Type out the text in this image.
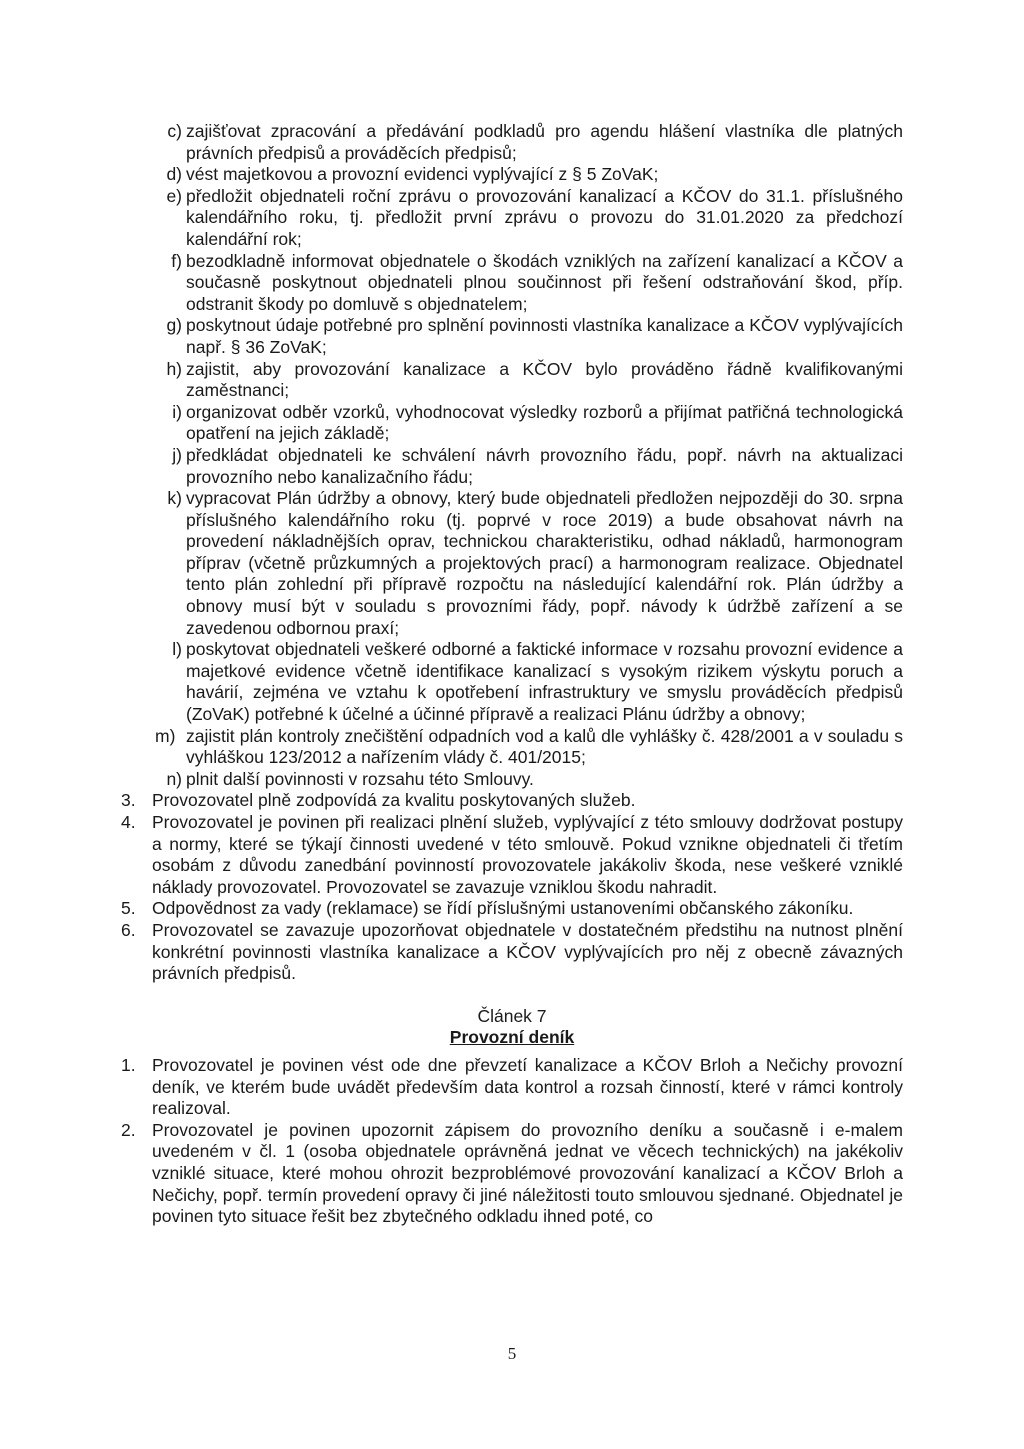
c) zajišťovat zpracování a předávání podkladů pro agendu hlášení vlastníka dle platných právních předpisů a prováděcích předpisů;
d) vést majetkovou a provozní evidenci vyplývající z § 5 ZoVaK;
e) předložit objednateli roční zprávu o provozování kanalizací a KČOV do 31.1. příslušného kalendářního roku, tj. předložit první zprávu o provozu do 31.01.2020 za předchozí kalendářní rok;
f) bezodkladně informovat objednatele o škodách vzniklých na zařízení kanalizací a KČOV a současně poskytnout objednateli plnou součinnost při řešení odstraňování škod, příp. odstranit škody po domluvě s objednatelem;
g) poskytnout údaje potřebné pro splnění povinnosti vlastníka kanalizace a KČOV vyplývajících např. § 36 ZoVaK;
h) zajistit, aby provozování kanalizace a KČOV bylo prováděno řádně kvalifikovanými zaměstnanci;
i) organizovat odběr vzorků, vyhodnocovat výsledky rozborů a přijímat patřičná technologická opatření na jejich základě;
j) předkládat objednateli ke schválení návrh provozního řádu, popř. návrh na aktualizaci provozního nebo kanalizačního řádu;
k) vypracovat Plán údržby a obnovy, který bude objednateli předložen nejpozději do 30. srpna příslušného kalendářního roku (tj. poprvé v roce 2019) a bude obsahovat návrh na provedení nákladnějších oprav, technickou charakteristiku, odhad nákladů, harmonogram příprav (včetně průzkumných a projektových prací) a harmonogram realizace. Objednatel tento plán zohlední při přípravě rozpočtu na následující kalendářní rok. Plán údržby a obnovy musí být v souladu s provozními řády, popř. návody k údržbě zařízení a se zavedenou odbornou praxí;
l) poskytovat objednateli veškeré odborné a faktické informace v rozsahu provozní evidence a majetkové evidence včetně identifikace kanalizací s vysokým rizikem výskytu poruch a havárií, zejména ve vztahu k opotřebení infrastruktury ve smyslu prováděcích předpisů (ZoVaK) potřebné k účelné a účinné přípravě a realizaci Plánu údržby a obnovy;
m) zajistit plán kontroly znečištění odpadních vod a kalů dle vyhlášky č. 428/2001 a v souladu s vyhláškou 123/2012 a nařízením vlády č. 401/2015;
n) plnit další povinnosti v rozsahu této Smlouvy.
3. Provozovatel plně zodpovídá za kvalitu poskytovaných služeb.
4. Provozovatel je povinen při realizaci plnění služeb, vyplývající z této smlouvy dodržovat postupy a normy, které se týkají činnosti uvedené v této smlouvě. Pokud vznikne objednateli či třetím osobám z důvodu zanedbání povinností provozovatele jakákoliv škoda, nese veškeré vzniklé náklady provozovatel. Provozovatel se zavazuje vzniklou škodu nahradit.
5. Odpovědnost za vady (reklamace) se řídí příslušnými ustanoveními občanského zákoníku.
6. Provozovatel se zavazuje upozorňovat objednatele v dostatečném předstihu na nutnost plnění konkrétní povinnosti vlastníka kanalizace a KČOV vyplývajících pro něj z obecně závazných právních předpisů.
Článek 7
Provozní deník
1. Provozovatel je povinen vést ode dne převzetí kanalizace a KČOV Brloh a Nečichy provozní deník, ve kterém bude uvádět především data kontrol a rozsah činností, které v rámci kontroly realizoval.
2. Provozovatel je povinen upozornit zápisem do provozního deníku a současně i e-malem uvedeném v čl. 1 (osoba objednatele oprávněná jednat ve věcech technických) na jakékoliv vzniklé situace, které mohou ohrozit bezproblémové provozování kanalizací a KČOV Brloh a Nečichy, popř. termín provedení opravy či jiné náležitosti touto smlouvou sjednané. Objednatel je povinen tyto situace řešit bez zbytečného odkladu ihned poté, co
5
